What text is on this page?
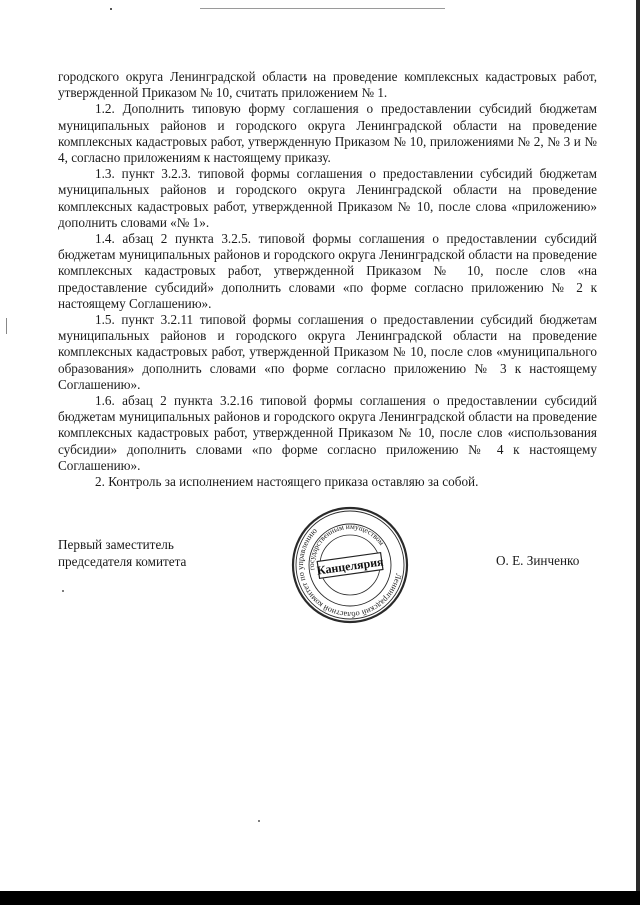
городского округа Ленинградской области на проведение комплексных кадастровых работ, утвержденной Приказом № 10, считать приложением № 1.

1.2. Дополнить типовую форму соглашения о предоставлении субсидий бюджетам муниципальных районов и городского округа Ленинградской области на проведение комплексных кадастровых работ, утвержденную Приказом № 10, приложениями № 2, № 3 и № 4, согласно приложениям к настоящему приказу.

1.3. пункт 3.2.3. типовой формы соглашения о предоставлении субсидий бюджетам муниципальных районов и городского округа Ленинградской области на проведение комплексных кадастровых работ, утвержденной Приказом № 10, после слова «приложению» дополнить словами «№ 1».

1.4. абзац 2 пункта 3.2.5. типовой формы соглашения о предоставлении субсидий бюджетам муниципальных районов и городского округа Ленинградской области на проведение комплексных кадастровых работ, утвержденной Приказом № 10, после слов «на предоставление субсидий» дополнить словами «по форме согласно приложению № 2 к настоящему Соглашению».

1.5. пункт 3.2.11 типовой формы соглашения о предоставлении субсидий бюджетам муниципальных районов и городского округа Ленинградской области на проведение комплексных кадастровых работ, утвержденной Приказом № 10, после слов «муниципального образования» дополнить словами «по форме согласно приложению № 3 к настоящему Соглашению».

1.6. абзац 2 пункта 3.2.16 типовой формы соглашения о предоставлении субсидий бюджетам муниципальных районов и городского округа Ленинградской области на проведение комплексных кадастровых работ, утвержденной Приказом № 10, после слов «использования субсидии» дополнить словами «по форме согласно приложению № 4 к настоящему Соглашению».

2. Контроль за исполнением настоящего приказа оставляю за собой.

Первый заместитель
председателя комитета
Ленинградский областной комитет по управлению
государственным имуществом
Канцелярия	О. Е. Зинченко
